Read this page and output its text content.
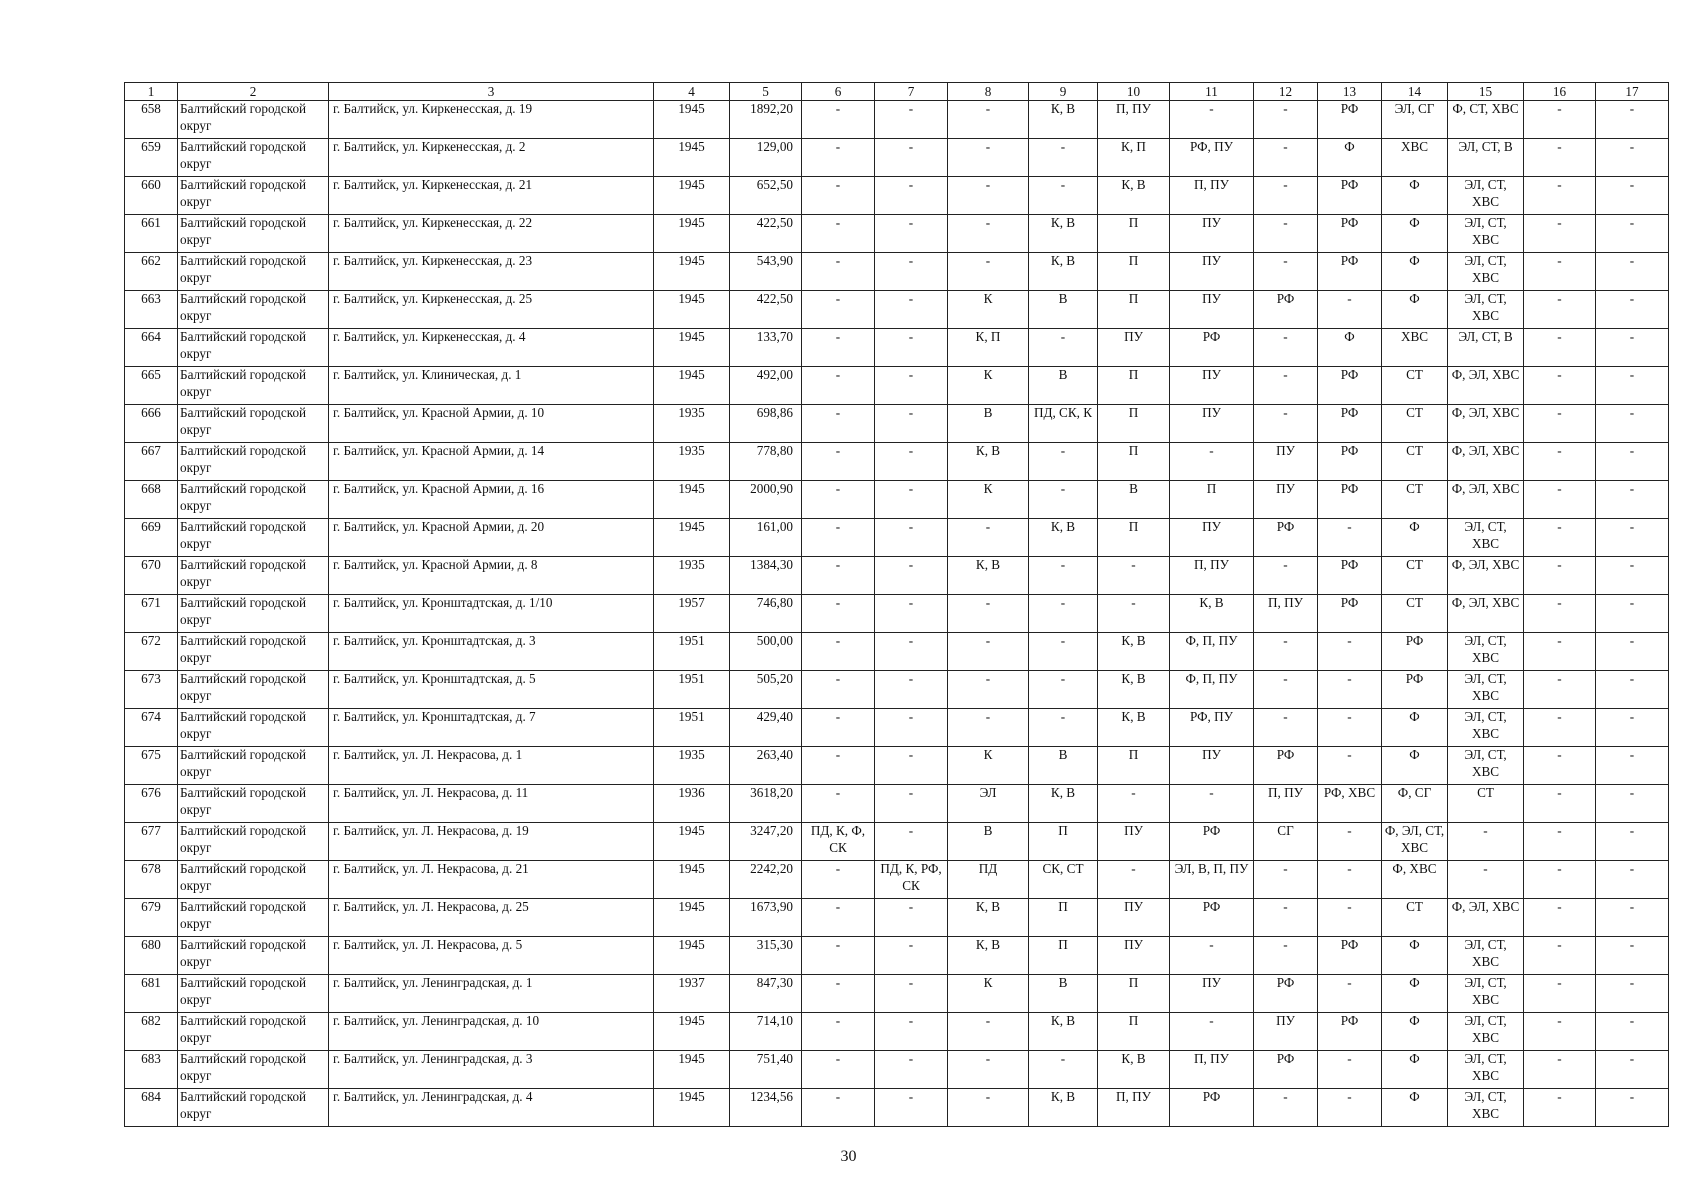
1	2	3	4	5	6	7	8	9	10	11	12	13	14	15	16	17
658	Балтийский городской округ	г. Балтийск, ул. Киркенесская, д. 19	1945	1892,20	-	-	-	К, В	П, ПУ	-	-	РФ	ЭЛ, СГ	Ф, СТ, ХВС	-	-
659	Балтийский городской округ	г. Балтийск, ул. Киркенесская, д. 2	1945	129,00	-	-	-	-	К, П	РФ, ПУ	-	Ф	ХВС	ЭЛ, СТ, В	-	-
660	Балтийский городской округ	г. Балтийск, ул. Киркенесская, д. 21	1945	652,50	-	-	-	-	К, В	П, ПУ	-	РФ	Ф	ЭЛ, СТ, ХВС	-	-
661	Балтийский городской округ	г. Балтийск, ул. Киркенесская, д. 22	1945	422,50	-	-	-	К, В	П	ПУ	-	РФ	Ф	ЭЛ, СТ, ХВС	-	-
662	Балтийский городской округ	г. Балтийск, ул. Киркенесская, д. 23	1945	543,90	-	-	-	К, В	П	ПУ	-	РФ	Ф	ЭЛ, СТ, ХВС	-	-
663	Балтийский городской округ	г. Балтийск, ул. Киркенесская, д. 25	1945	422,50	-	-	К	В	П	ПУ	РФ	-	Ф	ЭЛ, СТ, ХВС	-	-
664	Балтийский городской округ	г. Балтийск, ул. Киркенесская, д. 4	1945	133,70	-	-	К, П	-	ПУ	РФ	-	Ф	ХВС	ЭЛ, СТ, В	-	-
665	Балтийский городской округ	г. Балтийск, ул. Клиническая, д. 1	1945	492,00	-	-	К	В	П	ПУ	-	РФ	СТ	Ф, ЭЛ, ХВС	-	-
666	Балтийский городской округ	г. Балтийск, ул. Красной Армии, д. 10	1935	698,86	-	-	В	ПД, СК, К	П	ПУ	-	РФ	СТ	Ф, ЭЛ, ХВС	-	-
667	Балтийский городской округ	г. Балтийск, ул. Красной Армии, д. 14	1935	778,80	-	-	К, В	-	П	-	ПУ	РФ	СТ	Ф, ЭЛ, ХВС	-	-
668	Балтийский городской округ	г. Балтийск, ул. Красной Армии, д. 16	1945	2000,90	-	-	К	-	В	П	ПУ	РФ	СТ	Ф, ЭЛ, ХВС	-	-
669	Балтийский городской округ	г. Балтийск, ул. Красной Армии, д. 20	1945	161,00	-	-	-	К, В	П	ПУ	РФ	-	Ф	ЭЛ, СТ, ХВС	-	-
670	Балтийский городской округ	г. Балтийск, ул. Красной Армии, д. 8	1935	1384,30	-	-	К, В	-	-	П, ПУ	-	РФ	СТ	Ф, ЭЛ, ХВС	-	-
671	Балтийский городской округ	г. Балтийск, ул. Кронштадтская, д. 1/10	1957	746,80	-	-	-	-	-	К, В	П, ПУ	РФ	СТ	Ф, ЭЛ, ХВС	-	-
672	Балтийский городской округ	г. Балтийск, ул. Кронштадтская, д. 3	1951	500,00	-	-	-	-	К, В	Ф, П, ПУ	-	-	РФ	ЭЛ, СТ, ХВС	-	-
673	Балтийский городской округ	г. Балтийск, ул. Кронштадтская, д. 5	1951	505,20	-	-	-	-	К, В	Ф, П, ПУ	-	-	РФ	ЭЛ, СТ, ХВС	-	-
674	Балтийский городской округ	г. Балтийск, ул. Кронштадтская, д. 7	1951	429,40	-	-	-	-	К, В	РФ, ПУ	-	-	Ф	ЭЛ, СТ, ХВС	-	-
675	Балтийский городской округ	г. Балтийск, ул. Л. Некрасова, д. 1	1935	263,40	-	-	К	В	П	ПУ	РФ	-	Ф	ЭЛ, СТ, ХВС	-	-
676	Балтийский городской округ	г. Балтийск, ул. Л. Некрасова, д. 11	1936	3618,20	-	-	ЭЛ	К, В	-	-	П, ПУ	РФ, ХВС	Ф, СГ	СТ	-	-
677	Балтийский городской округ	г. Балтийск, ул. Л. Некрасова, д. 19	1945	3247,20	ПД, К, Ф, СК	-	В	П	ПУ	РФ	СГ	-	Ф, ЭЛ, СТ, ХВС	-	-	-
678	Балтийский городской округ	г. Балтийск, ул. Л. Некрасова, д. 21	1945	2242,20	-	ПД, К, РФ, СК	ПД	СК, СТ	-	ЭЛ, В, П, ПУ	-	-	Ф, ХВС	-	-	-
679	Балтийский городской округ	г. Балтийск, ул. Л. Некрасова, д. 25	1945	1673,90	-	-	К, В	П	ПУ	РФ	-	-	СТ	Ф, ЭЛ, ХВС	-	-
680	Балтийский городской округ	г. Балтийск, ул. Л. Некрасова, д. 5	1945	315,30	-	-	К, В	П	ПУ	-	-	РФ	Ф	ЭЛ, СТ, ХВС	-	-
681	Балтийский городской округ	г. Балтийск, ул. Ленинградская, д. 1	1937	847,30	-	-	К	В	П	ПУ	РФ	-	Ф	ЭЛ, СТ, ХВС	-	-
682	Балтийский городской округ	г. Балтийск, ул. Ленинградская, д. 10	1945	714,10	-	-	-	К, В	П	-	ПУ	РФ	Ф	ЭЛ, СТ, ХВС	-	-
683	Балтийский городской округ	г. Балтийск, ул. Ленинградская, д. 3	1945	751,40	-	-	-	-	К, В	П, ПУ	РФ	-	Ф	ЭЛ, СТ, ХВС	-	-
684	Балтийский городской округ	г. Балтийск, ул. Ленинградская, д. 4	1945	1234,56	-	-	-	К, В	П, ПУ	РФ	-	-	Ф	ЭЛ, СТ, ХВС	-	-
30
